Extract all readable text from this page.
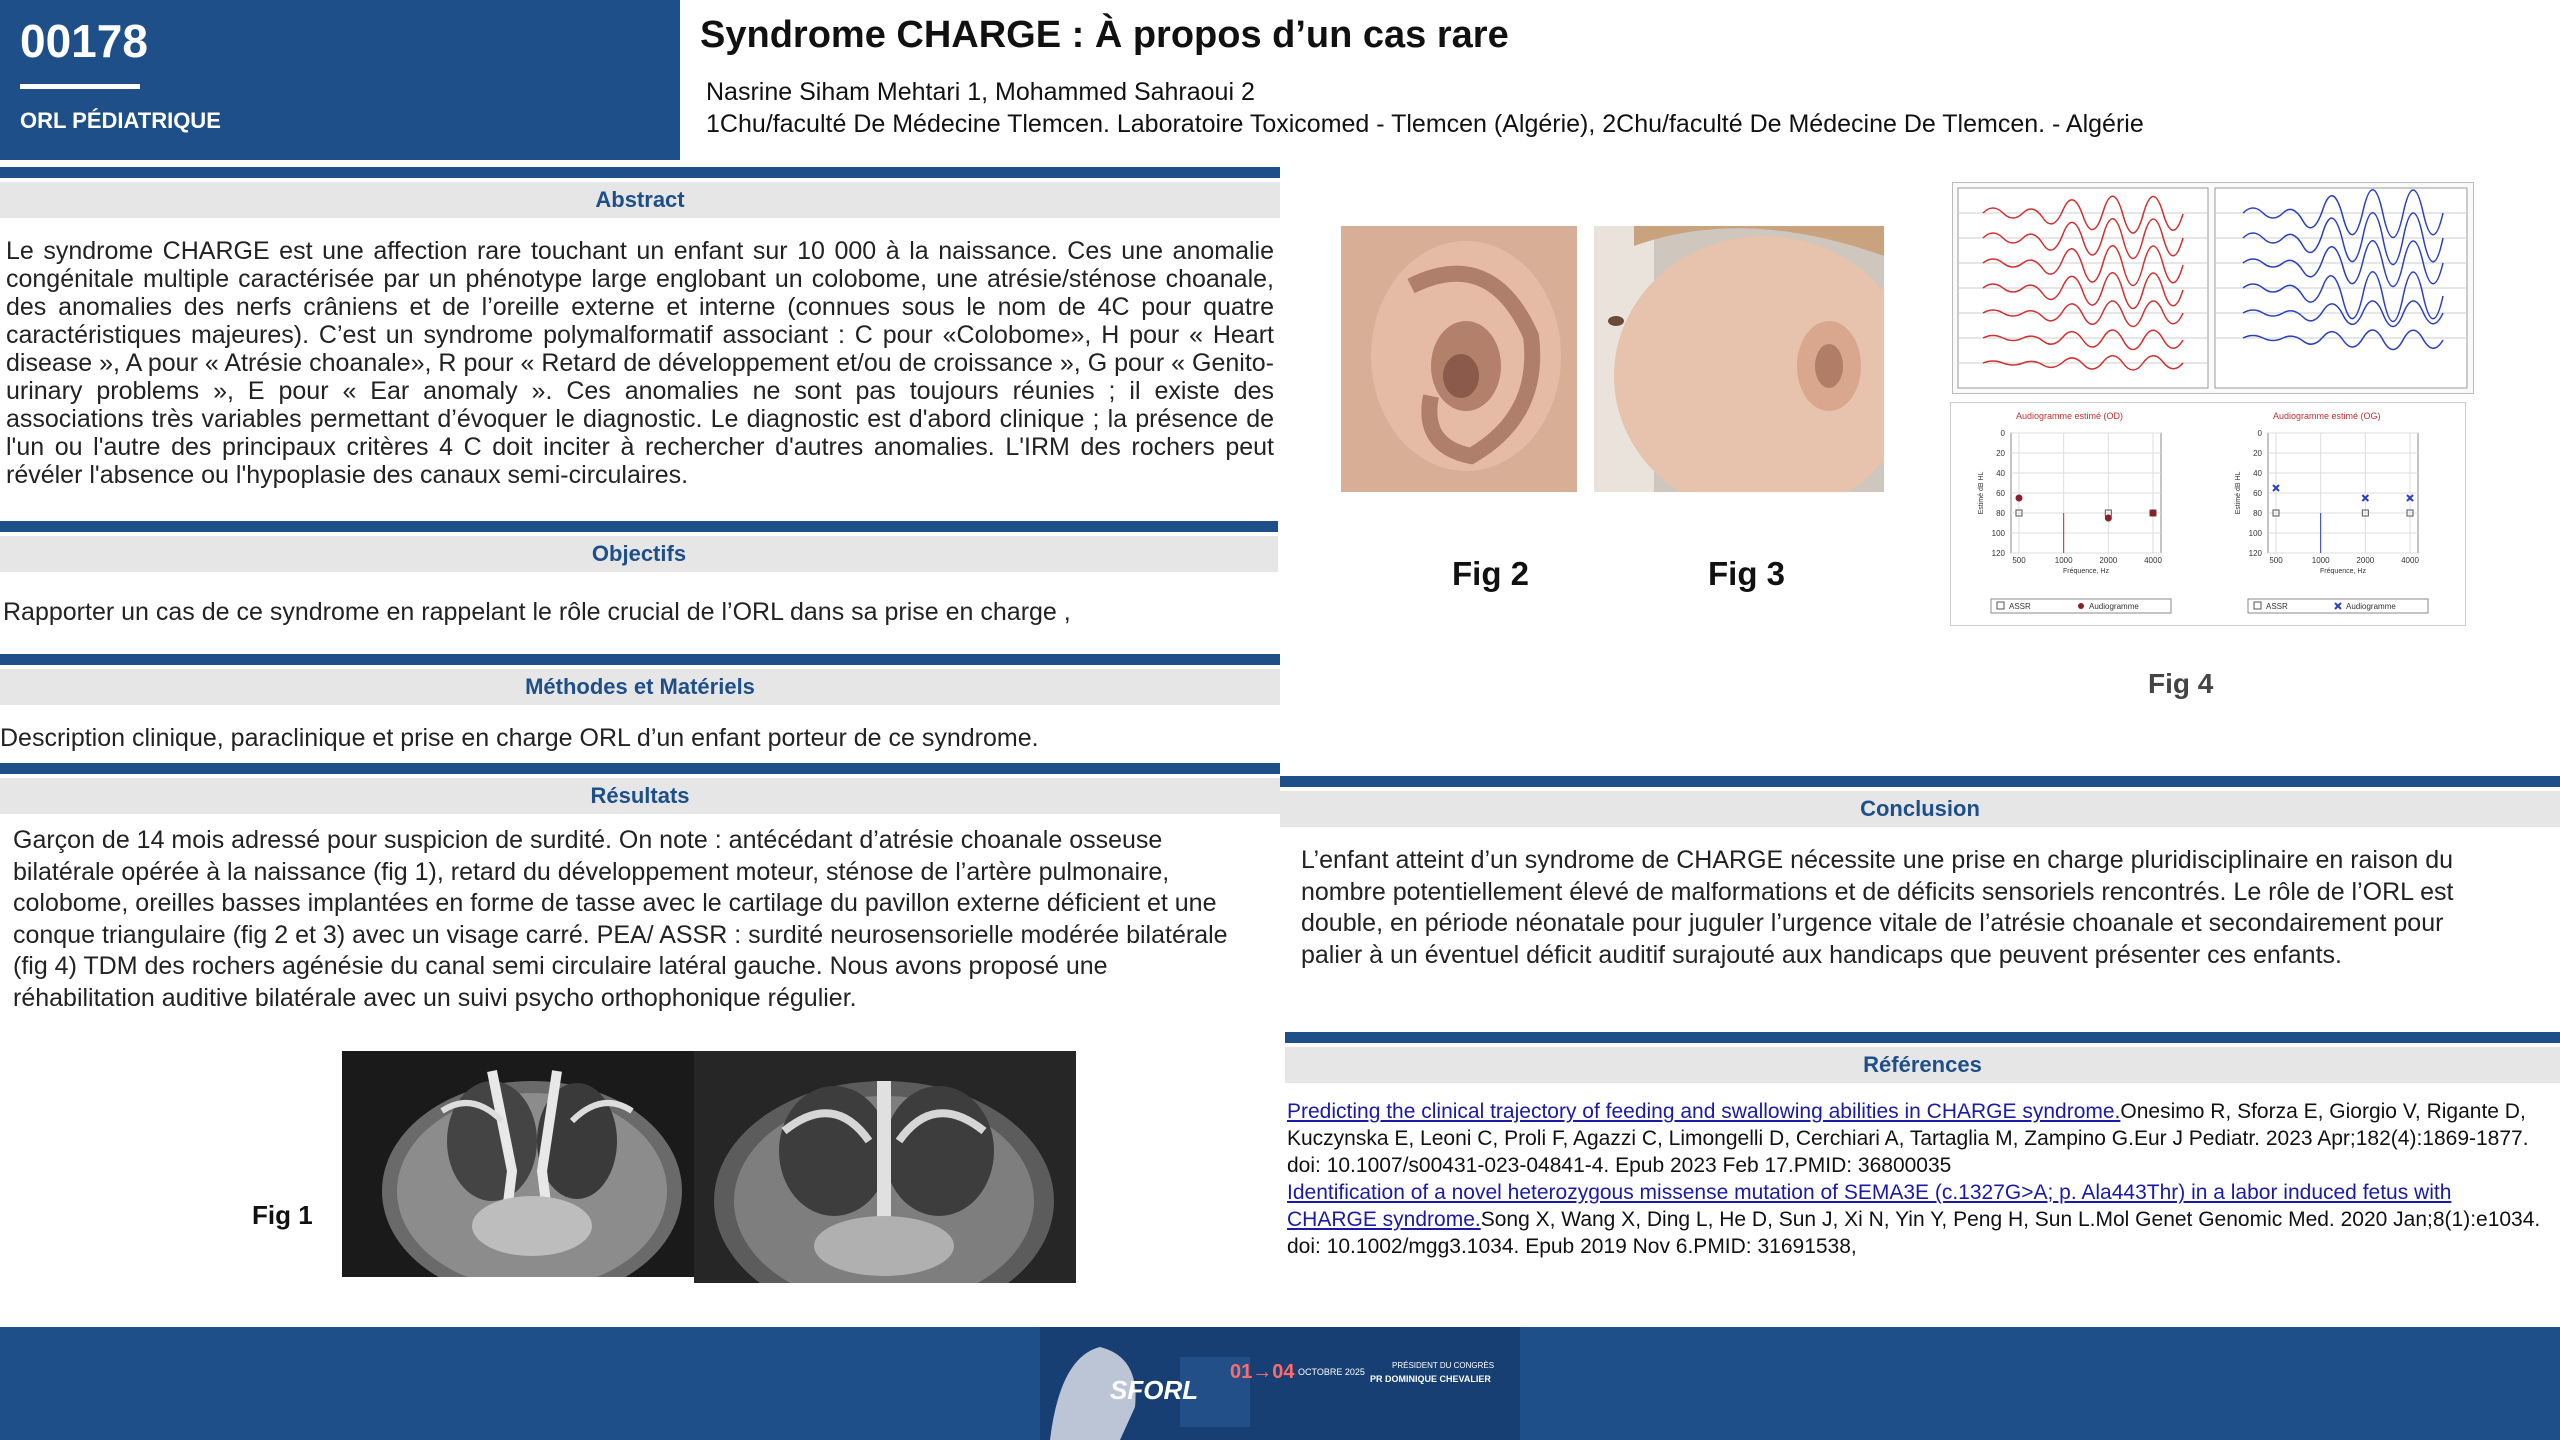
00178
ORL PÉDIATRIQUE
Syndrome CHARGE : À propos d’un cas rare
Nasrine Siham Mehtari 1, Mohammed Sahraoui 2
1Chu/faculté De Médecine Tlemcen. Laboratoire Toxicomed - Tlemcen (Algérie), 2Chu/faculté De Médecine De Tlemcen. - Algérie
Abstract
Le syndrome CHARGE est une affection rare touchant un enfant sur 10 000 à la naissance. Ces une anomalie congénitale multiple caractérisée par un phénotype large englobant un colobome, une atrésie/sténose choanale, des anomalies des nerfs crâniens et de l’oreille externe et interne (connues sous le nom de 4C pour quatre caractéristiques majeures). C’est un syndrome polymalformatif associant : C pour «Colobome», H pour « Heart disease », A pour « Atrésie choanale», R pour « Retard de développement et/ou de croissance », G pour « Genito-urinary problems », E pour « Ear anomaly ». Ces anomalies ne sont pas toujours réunies ; il existe des associations très variables permettant d’évoquer le diagnostic. Le diagnostic est d'abord clinique ; la présence de l'un ou l'autre des principaux critères 4 C doit inciter à rechercher d'autres anomalies. L'IRM des rochers peut révéler l'absence ou l'hypoplasie des canaux semi-circulaires.
Objectifs
Rapporter un cas de ce syndrome en rappelant le rôle crucial de l’ORL dans sa prise en charge ,
Méthodes et Matériels
Description clinique, paraclinique et prise en charge ORL d’un enfant porteur de ce syndrome.
Résultats
Garçon de 14 mois adressé pour suspicion de surdité. On note : antécédant d’atrésie choanale osseuse bilatérale opérée à la naissance (fig 1), retard du développement moteur, sténose de l’artère pulmonaire, colobome, oreilles basses implantées en forme de tasse avec le cartilage du pavillon externe déficient et une conque triangulaire (fig 2 et 3) avec un visage carré. PEA/ ASSR : surdité neurosensorielle modérée bilatérale (fig 4) TDM des rochers agénésie du canal semi circulaire latéral gauche. Nous avons proposé une réhabilitation auditive bilatérale avec un suivi psycho orthophonique régulier.
Fig 1
Fig 2	Fig 3
Audiogramme estimé (OD)
0
20
40
60
80
100
120
500	1000	2000	4000
Fréquence, Hz
Estimé dB HL
ASSR	Audiogramme
Audiogramme estimé (OG)
0
20
40
60
80
100
120
500	1000	2000	4000
Fréquence, Hz
Estimé dB HL
ASSR	Audiogramme
Fig 4
Conclusion
L’enfant atteint d’un syndrome de CHARGE nécessite une prise en charge pluridisciplinaire en raison du nombre potentiellement élevé de malformations et de déficits sensoriels rencontrés. Le rôle de l’ORL est double, en période néonatale pour juguler l’urgence vitale de l’atrésie choanale et secondairement pour palier à un éventuel déficit auditif surajouté aux handicaps que peuvent présenter ces enfants.
Références
Predicting the clinical trajectory of feeding and swallowing abilities in CHARGE syndrome.Onesimo R, Sforza E, Giorgio V, Rigante D, Kuczynska E, Leoni C, Proli F, Agazzi C, Limongelli D, Cerchiari A, Tartaglia M, Zampino G.Eur J Pediatr. 2023 Apr;182(4):1869-1877. doi: 10.1007/s00431-023-04841-4. Epub 2023 Feb 17.PMID: 36800035
Identification of a novel heterozygous missense mutation of SEMA3E (c.1327G>A; p. Ala443Thr) in a labor induced fetus with CHARGE syndrome.Song X, Wang X, Ding L, He D, Sun J, Xi N, Yin Y, Peng H, Sun L.Mol Genet Genomic Med. 2020 Jan;8(1):e1034. doi: 10.1002/mgg3.1034. Epub 2019 Nov 6.PMID: 31691538,
SFORL
01→04 OCTOBRE 2025
PRÉSIDENT DU CONGRÈS
PR DOMINIQUE CHEVALIER
